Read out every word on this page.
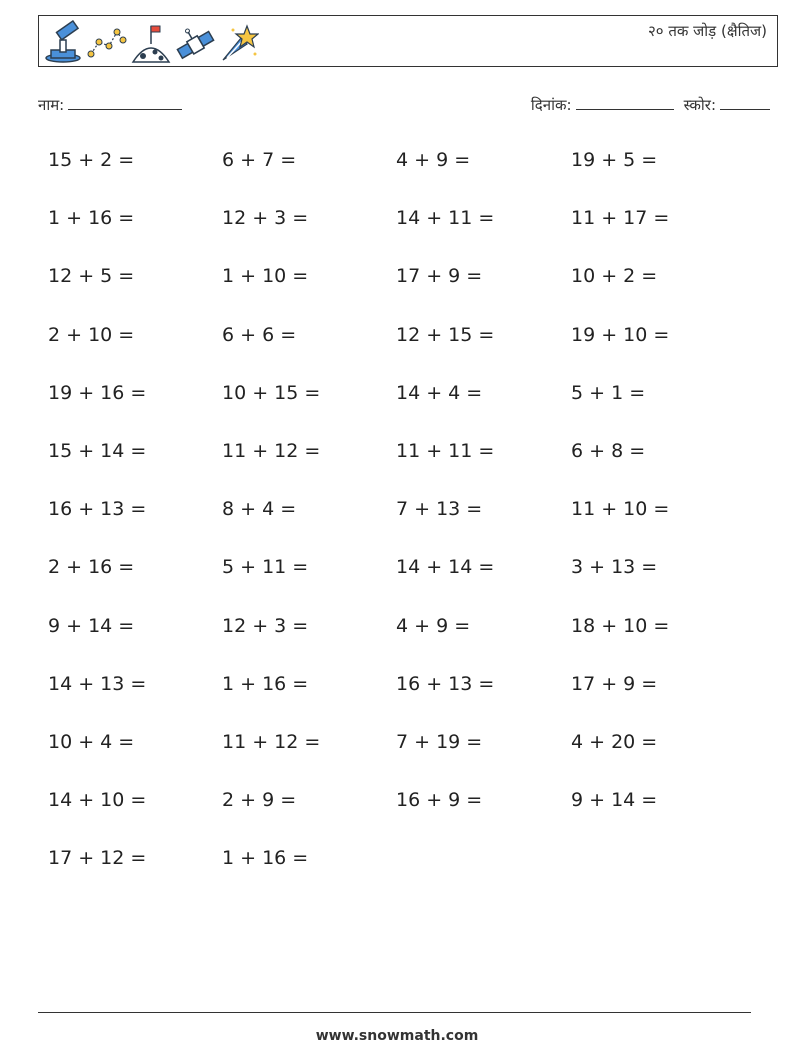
२० तक जोड़ (क्षैतिज)
नाम:	दिनांक:	स्कोर:
15 + 2 =	6 + 7 =	4 + 9 =	19 + 5 =
1 + 16 =	12 + 3 =	14 + 11 =	11 + 17 =
12 + 5 =	1 + 10 =	17 + 9 =	10 + 2 =
2 + 10 =	6 + 6 =	12 + 15 =	19 + 10 =
19 + 16 =	10 + 15 =	14 + 4 =	5 + 1 =
15 + 14 =	11 + 12 =	11 + 11 =	6 + 8 =
16 + 13 =	8 + 4 =	7 + 13 =	11 + 10 =
2 + 16 =	5 + 11 =	14 + 14 =	3 + 13 =
9 + 14 =	12 + 3 =	4 + 9 =	18 + 10 =
14 + 13 =	1 + 16 =	16 + 13 =	17 + 9 =
10 + 4 =	11 + 12 =	7 + 19 =	4 + 20 =
14 + 10 =	2 + 9 =	16 + 9 =	9 + 14 =
17 + 12 =	1 + 16 =
www.snowmath.com
